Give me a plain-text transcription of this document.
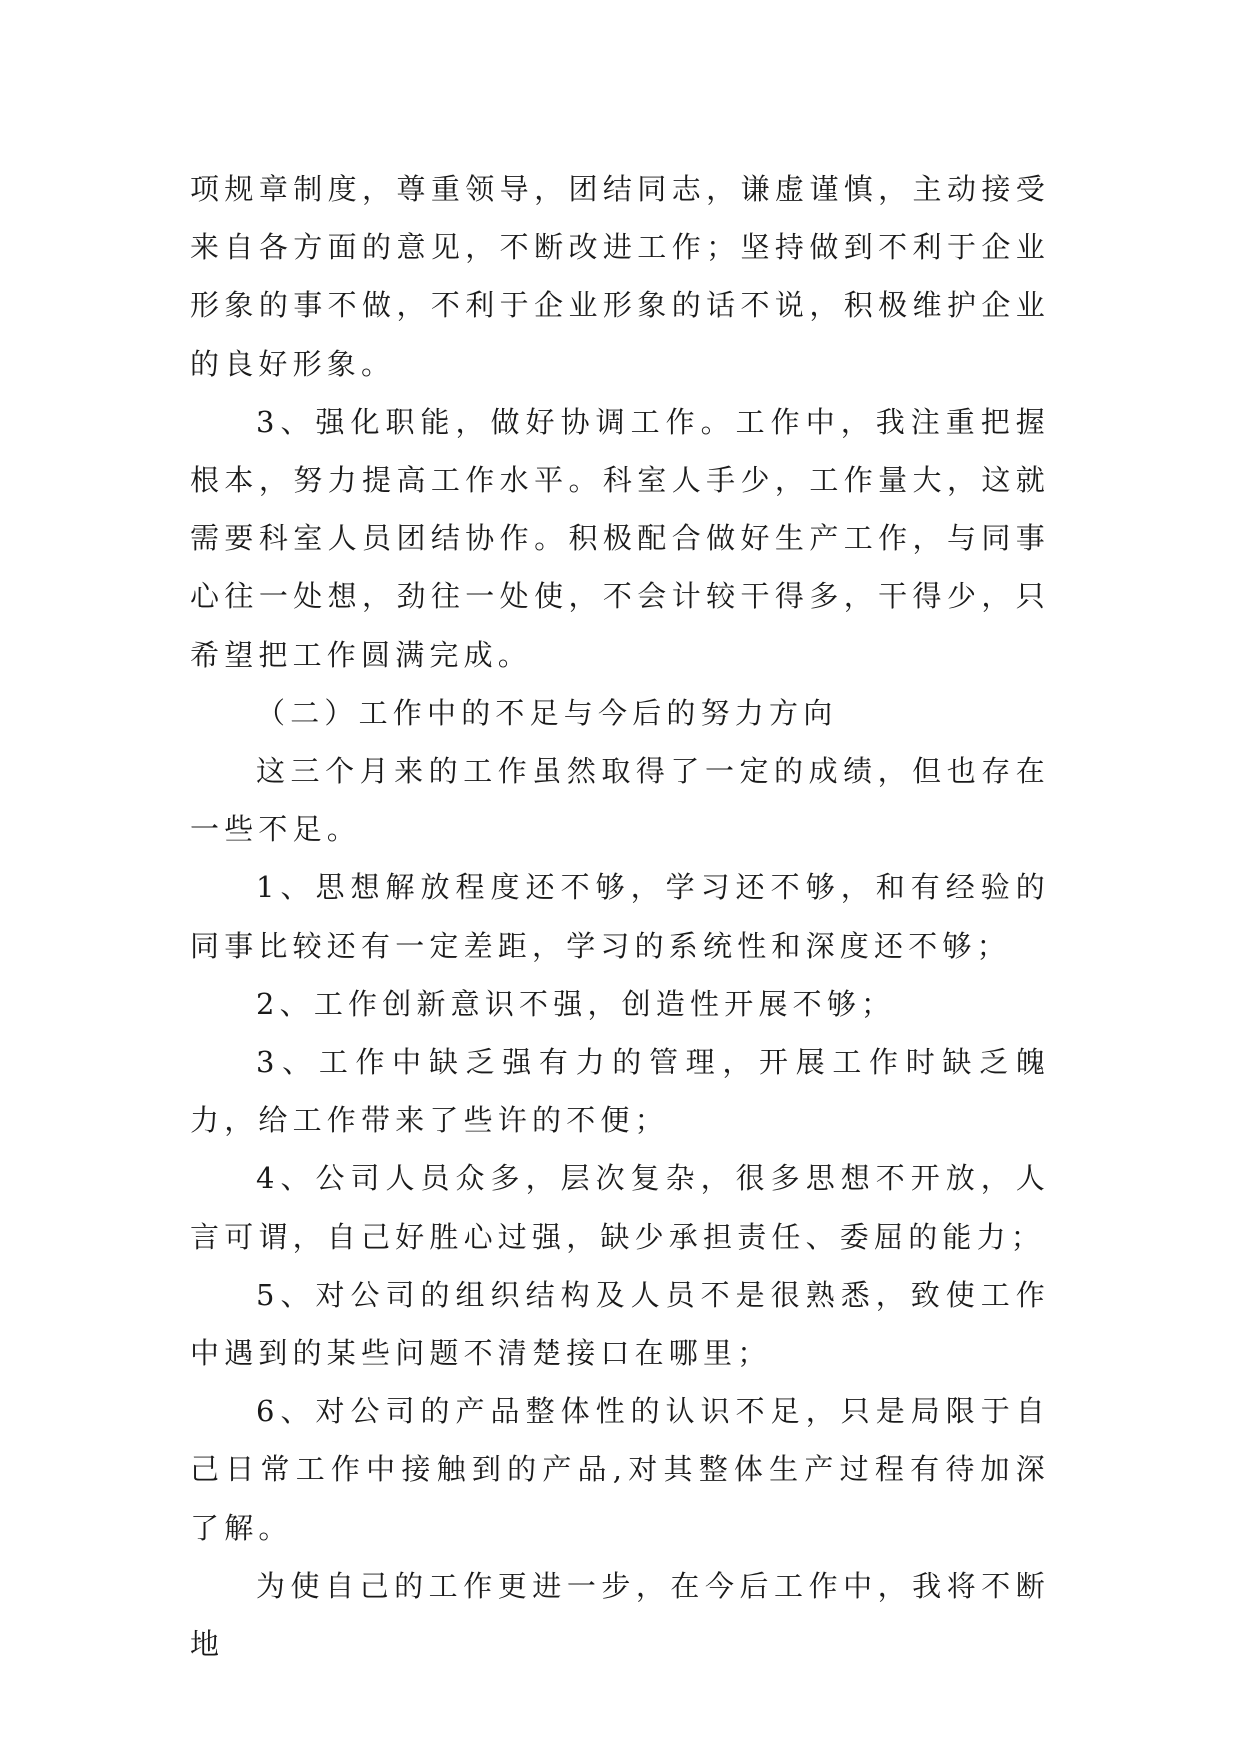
项规章制度，尊重领导，团结同志，谦虚谨慎，主动接受来自各方面的意见，不断改进工作；坚持做到不利于企业形象的事不做，不利于企业形象的话不说，积极维护企业的良好形象。

3、强化职能，做好协调工作。工作中，我注重把握根本，努力提高工作水平。科室人手少，工作量大，这就需要科室人员团结协作。积极配合做好生产工作，与同事心往一处想，劲往一处使，不会计较干得多，干得少，只希望把工作圆满完成。

（二）工作中的不足与今后的努力方向

这三个月来的工作虽然取得了一定的成绩，但也存在一些不足。

1、思想解放程度还不够，学习还不够，和有经验的同事比较还有一定差距，学习的系统性和深度还不够；

2、工作创新意识不强，创造性开展不够；

3、工作中缺乏强有力的管理，开展工作时缺乏魄力，给工作带来了些许的不便；

4、公司人员众多，层次复杂，很多思想不开放，人言可谓，自己好胜心过强，缺少承担责任、委屈的能力；

5、对公司的组织结构及人员不是很熟悉，致使工作中遇到的某些问题不清楚接口在哪里；

6、对公司的产品整体性的认识不足，只是局限于自己日常工作中接触到的产品,对其整体生产过程有待加深了解。

为使自己的工作更进一步，在今后工作中，我将不断地
